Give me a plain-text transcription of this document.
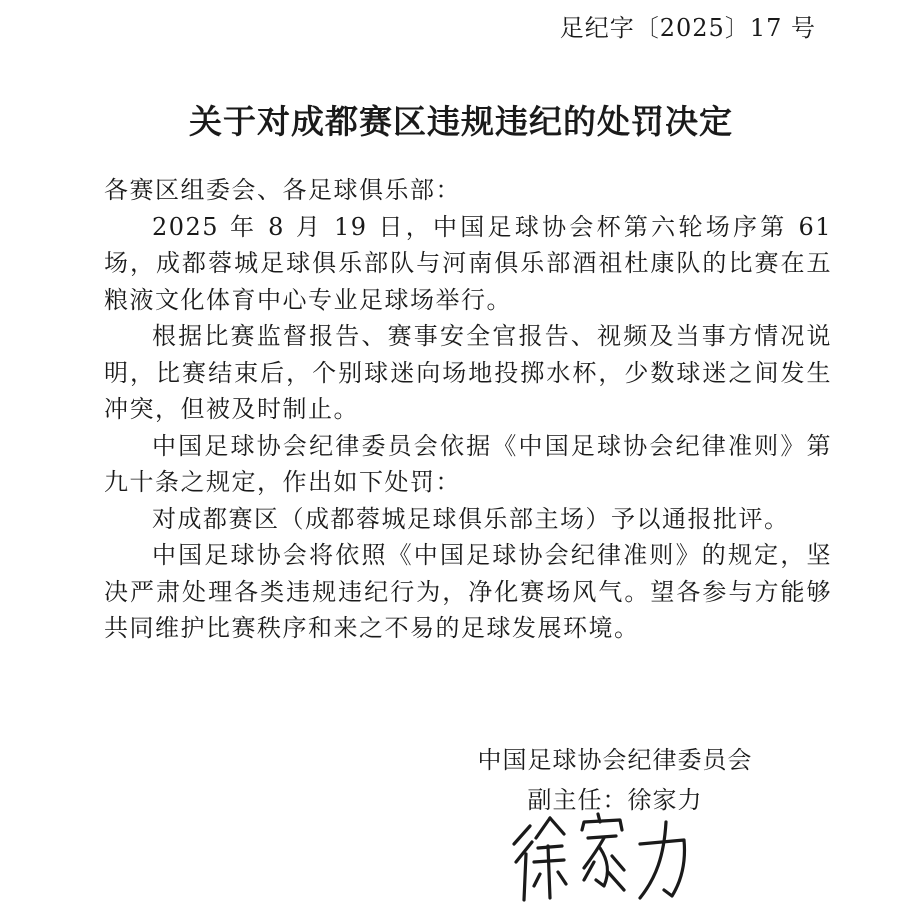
足纪字〔2025〕17 号
关于对成都赛区违规违纪的处罚决定

各赛区组委会、各足球俱乐部：

2025 年 8 月 19 日，中国足球协会杯第六轮场序第 61 场，成都蓉城足球俱乐部队与河南俱乐部酒祖杜康队的比赛在五粮液文化体育中心专业足球场举行。

根据比赛监督报告、赛事安全官报告、视频及当事方情况说明，比赛结束后，个别球迷向场地投掷水杯，少数球迷之间发生冲突，但被及时制止。

中国足球协会纪律委员会依据《中国足球协会纪律准则》第九十条之规定，作出如下处罚：

对成都赛区（成都蓉城足球俱乐部主场）予以通报批评。

中国足球协会将依照《中国足球协会纪律准则》的规定，坚决严肃处理各类违规违纪行为，净化赛场风气。望各参与方能够共同维护比赛秩序和来之不易的足球发展环境。

中国足球协会纪律委员会
副主任：徐家力
